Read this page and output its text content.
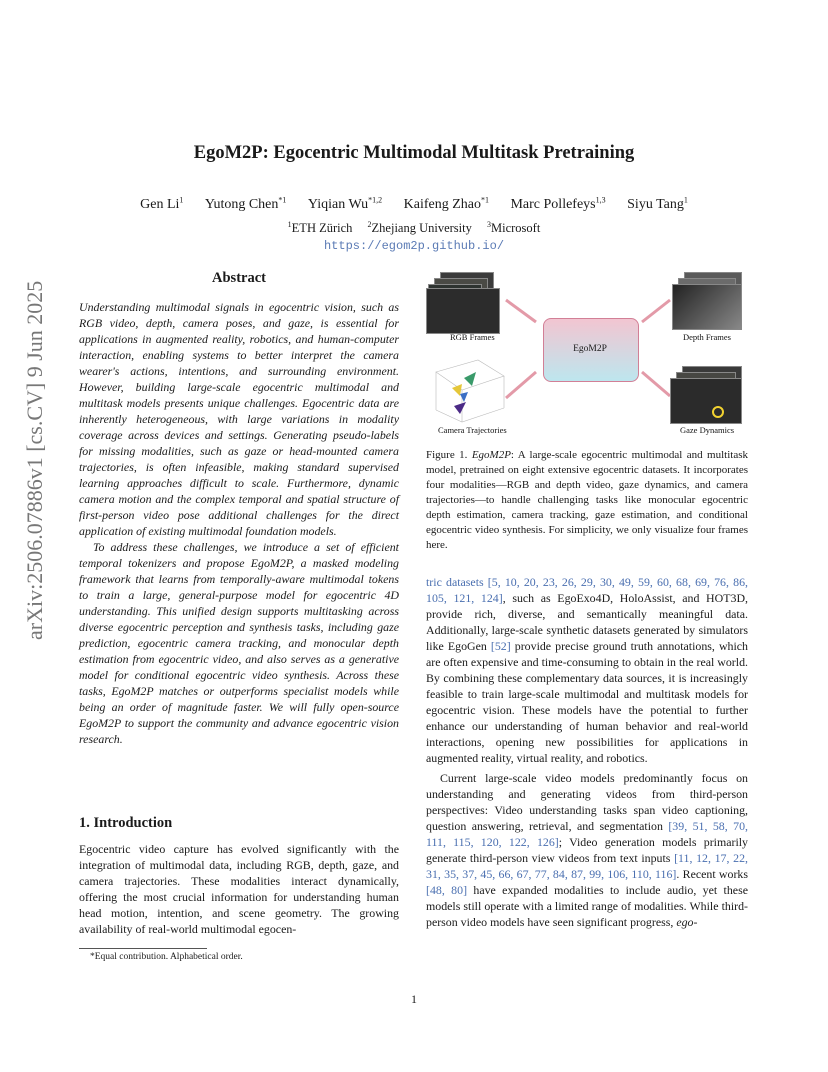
EgoM2P: Egocentric Multimodal Multitask Pretraining
Gen Li$^1$ Yutong Chen$^{*1}$ Yiqian Wu$^{*1,2}$ Kaifeng Zhao$^{*1}$ Marc Pollefeys$^{1,3}$ Siyu Tang$^1$
$^1$ETH Zürich $^2$Zhejiang University $^3$Microsoft
https://egom2p.github.io/
arXiv:2506.07886v1 [cs.CV] 9 Jun 2025
Abstract

Understanding multimodal signals in egocentric vision, such as RGB video, depth, camera poses, and gaze, is essential for applications in augmented reality, robotics, and human-computer interaction, enabling systems to better interpret the camera wearer's actions, intentions, and surrounding environment. However, building large-scale egocentric multimodal and multitask models presents unique challenges. Egocentric data are inherently heterogeneous, with large variations in modality coverage across devices and settings. Generating pseudo-labels for missing modalities, such as gaze or head-mounted camera trajectories, is often infeasible, making standard supervised learning approaches difficult to scale. Furthermore, dynamic camera motion and the complex temporal and spatial structure of first-person video pose additional challenges for the direct application of existing multimodal foundation models.

To address these challenges, we introduce a set of efficient temporal tokenizers and propose EgoM2P, a masked modeling framework that learns from temporally-aware multimodal tokens to train a large, general-purpose model for egocentric 4D understanding. This unified design supports multitasking across diverse egocentric perception and synthesis tasks, including gaze prediction, egocentric camera tracking, and monocular depth estimation from egocentric video, and also serves as a generative model for conditional egocentric video synthesis. Across these tasks, EgoM2P matches or outperforms specialist models while being an order of magnitude faster. We will fully open-source EgoM2P to support the community and advance egocentric vision research.

1. Introduction

Egocentric video capture has evolved significantly with the integration of multimodal data, including RGB, depth, gaze, and camera trajectories. These modalities interact dynamically, offering the most crucial information for understanding human head motion, intention, and scene geometry. The growing availability of real-world multimodal egocen-

*Equal contribution. Alphabetical order.
1
RGB Frames	Depth Frames
EgoM2P
Camera Trajectories	Gaze Dynamics
Figure 1. EgoM2P: A large-scale egocentric multimodal and multitask model, pretrained on eight extensive egocentric datasets. It incorporates four modalities—RGB and depth video, gaze dynamics, and camera trajectories—to handle challenging tasks like monocular egocentric depth estimation, camera tracking, gaze estimation, and conditional egocentric video synthesis. For simplicity, we only visualize four frames here.

tric datasets [5, 10, 20, 23, 26, 29, 30, 49, 59, 60, 68, 69, 76, 86, 105, 121, 124], such as EgoExo4D, HoloAssist, and HOT3D, provide rich, diverse, and semantically meaningful data. Additionally, large-scale synthetic datasets generated by simulators like EgoGen [52] provide precise ground truth annotations, which are often expensive and time-consuming to obtain in the real world. By combining these complementary data sources, it is increasingly feasible to train large-scale multimodal and multitask models for egocentric vision. These models have the potential to further enhance our understanding of human behavior and real-world interactions, opening new possibilities for applications in augmented reality, virtual reality, and robotics.

Current large-scale video models predominantly focus on understanding and generating videos from third-person perspectives: Video understanding tasks span video captioning, question answering, retrieval, and segmentation [39, 51, 58, 70, 111, 115, 120, 122, 126]; Video generation models primarily generate third-person view videos from text inputs [11, 12, 17, 22, 31, 35, 37, 45, 66, 67, 77, 84, 87, 99, 106, 110, 116]. Recent works [48, 80] have expanded modalities to include audio, yet these models still operate with a limited range of modalities. While third-person video models have seen significant progress, ego-
